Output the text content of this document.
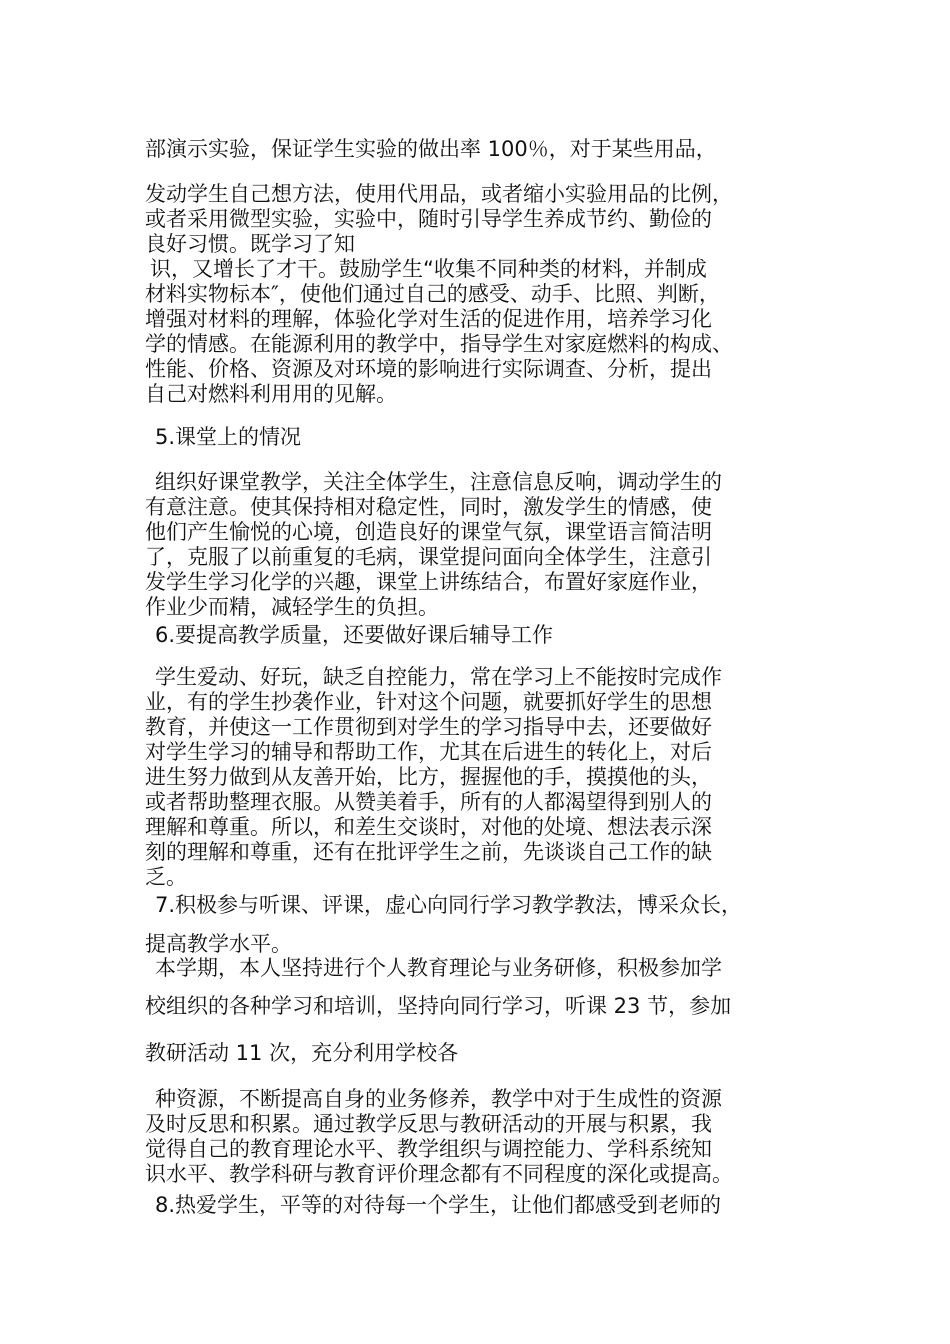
部演示实验，保证学生实验的做出率 100％，对于某些用品，
发动学生自己想方法，使用代用品，或者缩小实验用品的比例，
或者采用微型实验，实验中，随时引导学生养成节约、勤俭的
良好习惯。既学习了知
识，又增长了才干。鼓励学生“收集不同种类的材料，并制成
材料实物标本″，使他们通过自己的感受、动手、比照、判断，
增强对材料的理解，体验化学对生活的促进作用，培养学习化
学的情感。在能源利用的教学中，指导学生对家庭燃料的构成、
性能、价格、资源及对环境的影响进行实际调查、分析，提出
自己对燃料利用用的见解。
5.课堂上的情况
组织好课堂教学，关注全体学生，注意信息反响，调动学生的
有意注意。使其保持相对稳定性，同时，激发学生的情感，使
他们产生愉悦的心境，创造良好的课堂气氛，课堂语言简洁明
了，克服了以前重复的毛病，课堂提问面向全体学生，注意引
发学生学习化学的兴趣，课堂上讲练结合，布置好家庭作业，
作业少而精，减轻学生的负担。
6.要提高教学质量，还要做好课后辅导工作
学生爱动、好玩，缺乏自控能力，常在学习上不能按时完成作
业，有的学生抄袭作业，针对这个问题，就要抓好学生的思想
教育，并使这一工作贯彻到对学生的学习指导中去，还要做好
对学生学习的辅导和帮助工作，尤其在后进生的转化上，对后
进生努力做到从友善开始，比方，握握他的手，摸摸他的头，
或者帮助整理衣服。从赞美着手，所有的人都渴望得到别人的
理解和尊重。所以，和差生交谈时，对他的处境、想法表示深
刻的理解和尊重，还有在批评学生之前，先谈谈自己工作的缺
乏。
7.积极参与听课、评课，虚心向同行学习教学教法，博采众长，
提高教学水平。
本学期，本人坚持进行个人教育理论与业务研修，积极参加学
校组织的各种学习和培训，坚持向同行学习，听课 23 节，参加
教研活动 11 次，充分利用学校各
种资源，不断提高自身的业务修养，教学中对于生成性的资源
及时反思和积累。通过教学反思与教研活动的开展与积累，我
觉得自己的教育理论水平、教学组织与调控能力、学科系统知
识水平、教学科研与教育评价理念都有不同程度的深化或提高。
8.热爱学生，平等的对待每一个学生，让他们都感受到老师的
